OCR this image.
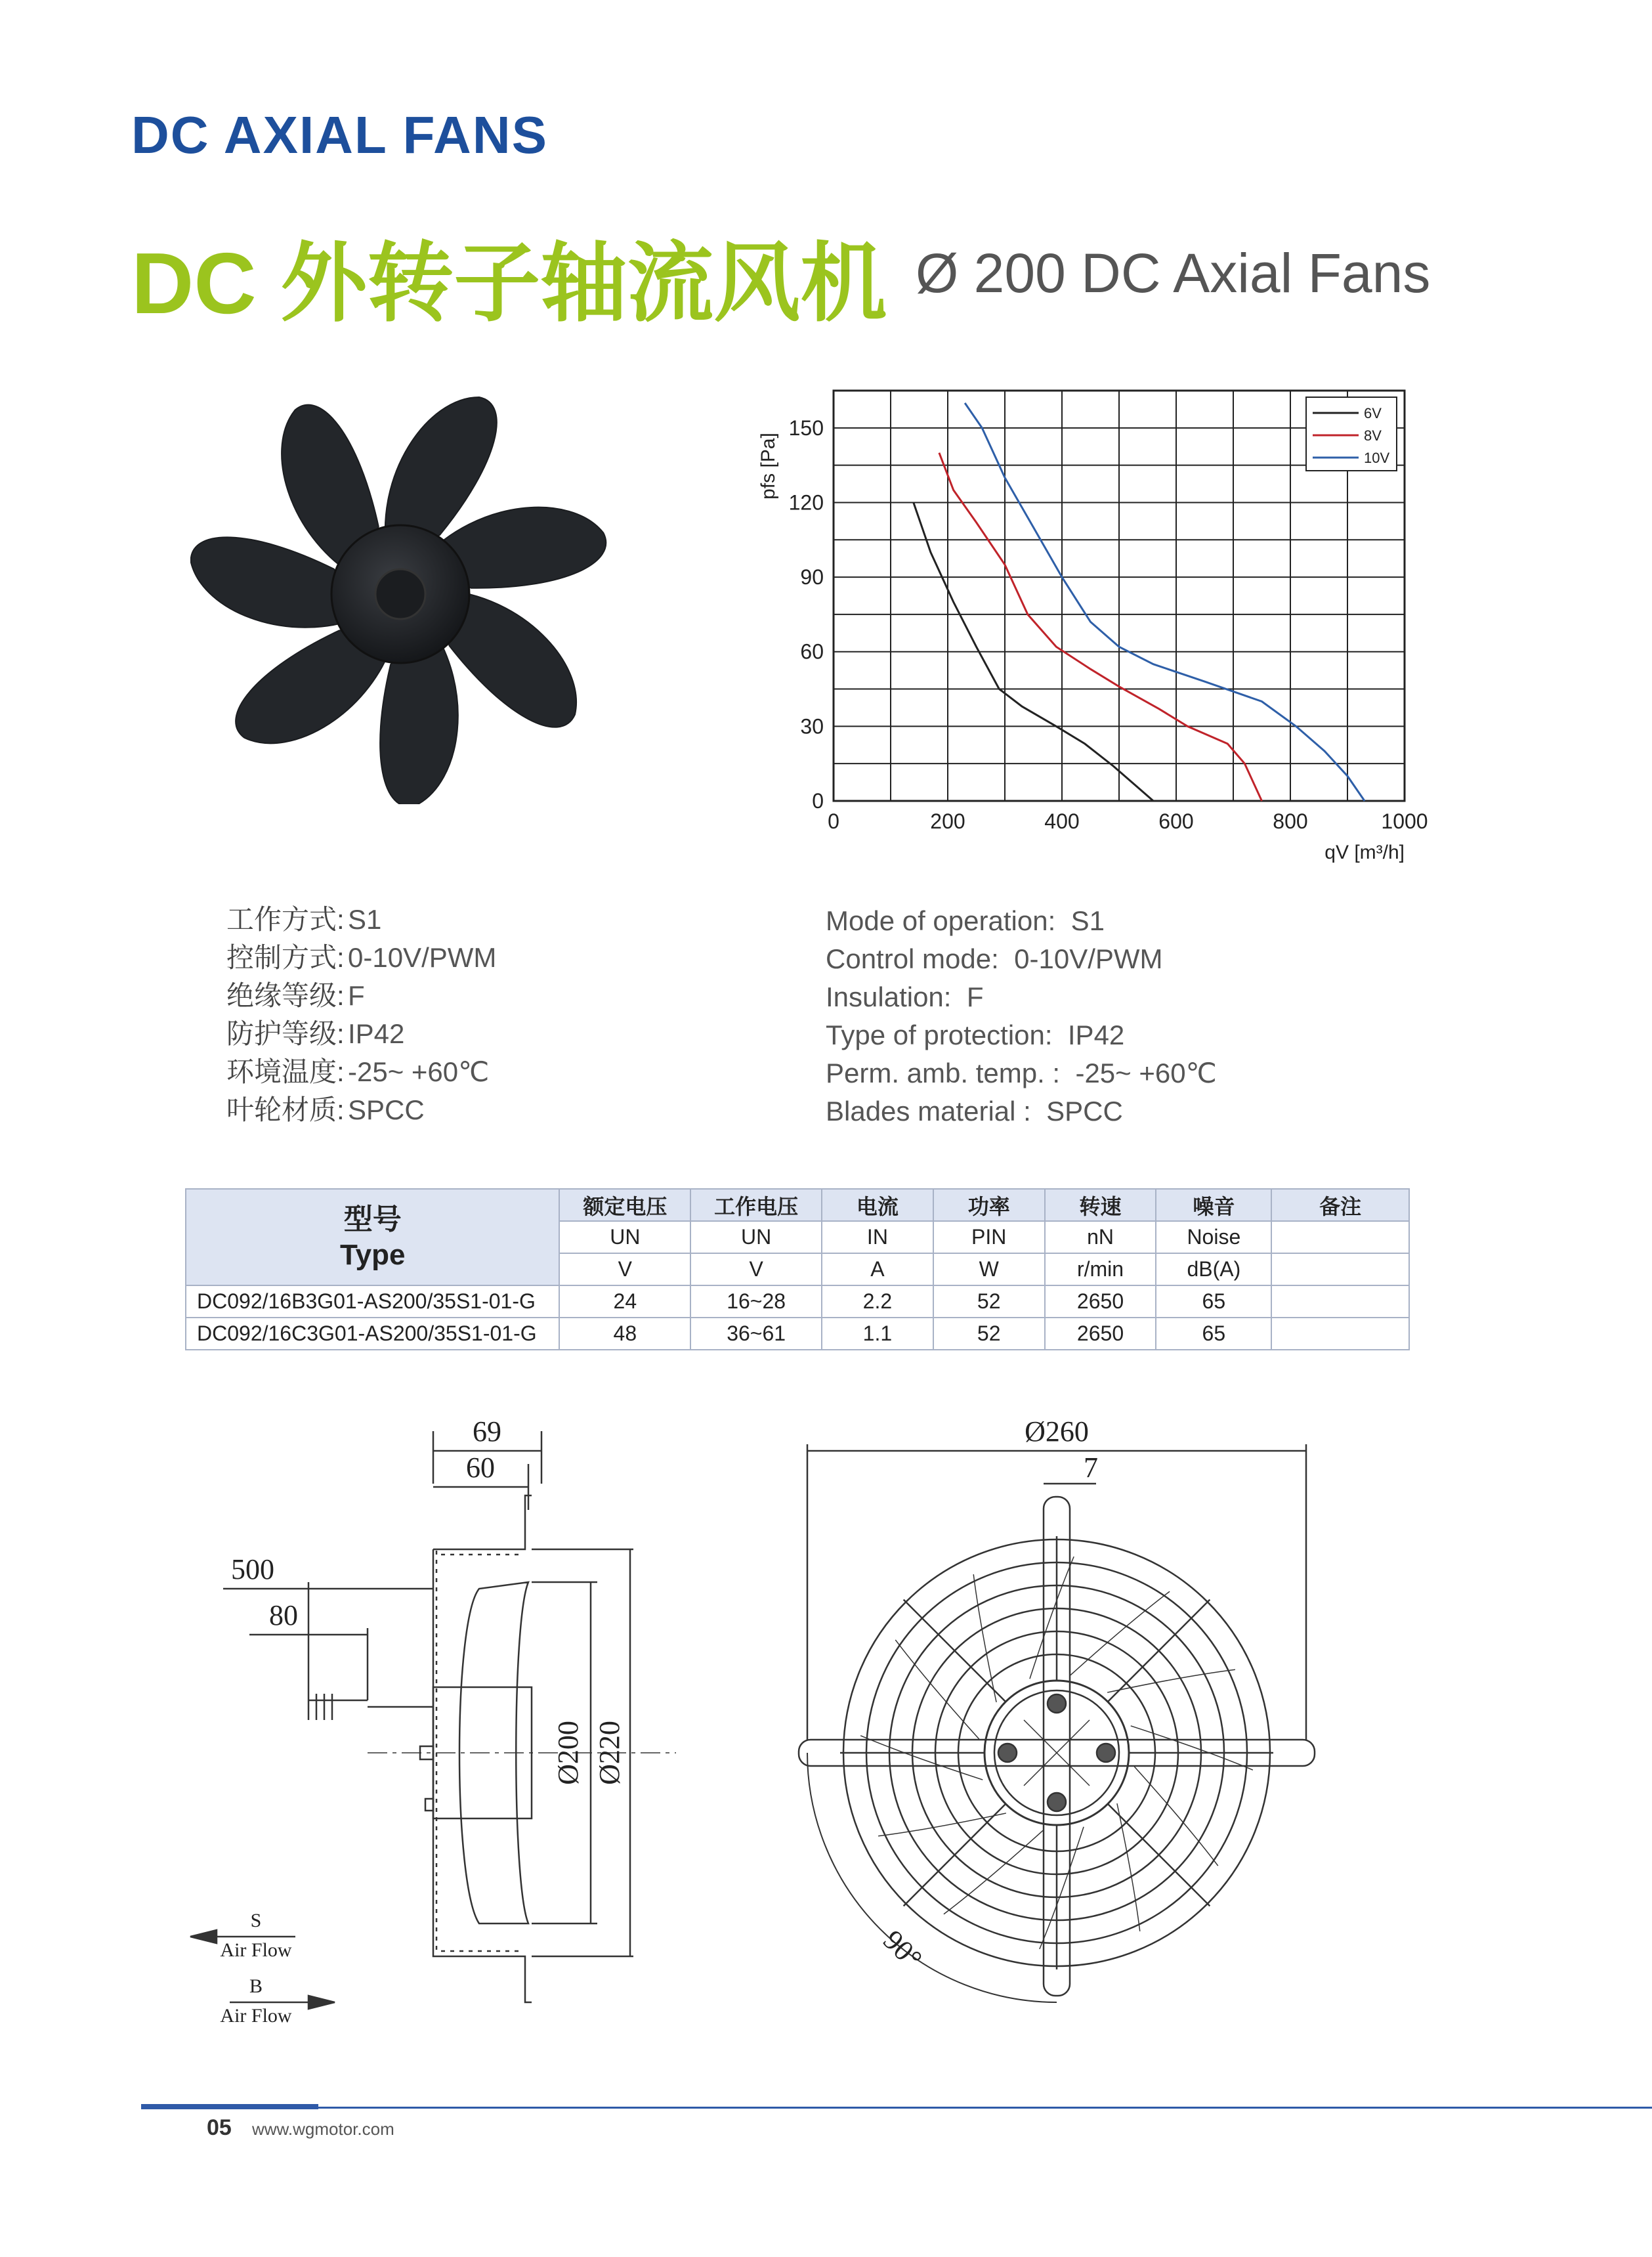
DC AXIAL FANS
DC 外转子轴流风机 Ø 200 DC Axial Fans
0	200	400	600	800	1000
0
30
60
90
120
150
pfs [Pa]
qV [m³/h]
6V
8V
10V
工作方式: S1
控制方式: 0-10V/PWM
绝缘等级: F
防护等级: IP42
环境温度: -25~ +60℃
叶轮材质: SPCC
Mode of operation: S1
Control mode: 0-10V/PWM
Insulation: F
Type of protection: IP42
Perm. amb. temp. : -25~ +60℃
Blades material : SPCC
型号
Type	额定电压	工作电压	电流	功率	转速	噪音	备注
	UN	UN	IN	PIN	nN	Noise	
	V	V	A	W	r/min	dB(A)	
DC092/16B3G01-AS200/35S1-01-G	24	16~28	2.2	52	2650	65	
DC092/16C3G01-AS200/35S1-01-G	48	36~61	1.1	52	2650	65	
69
60
500
80
Ø200 Ø220
S
Air Flow
B
Air Flow
Ø260
7
90°
05 www.wgmotor.com
